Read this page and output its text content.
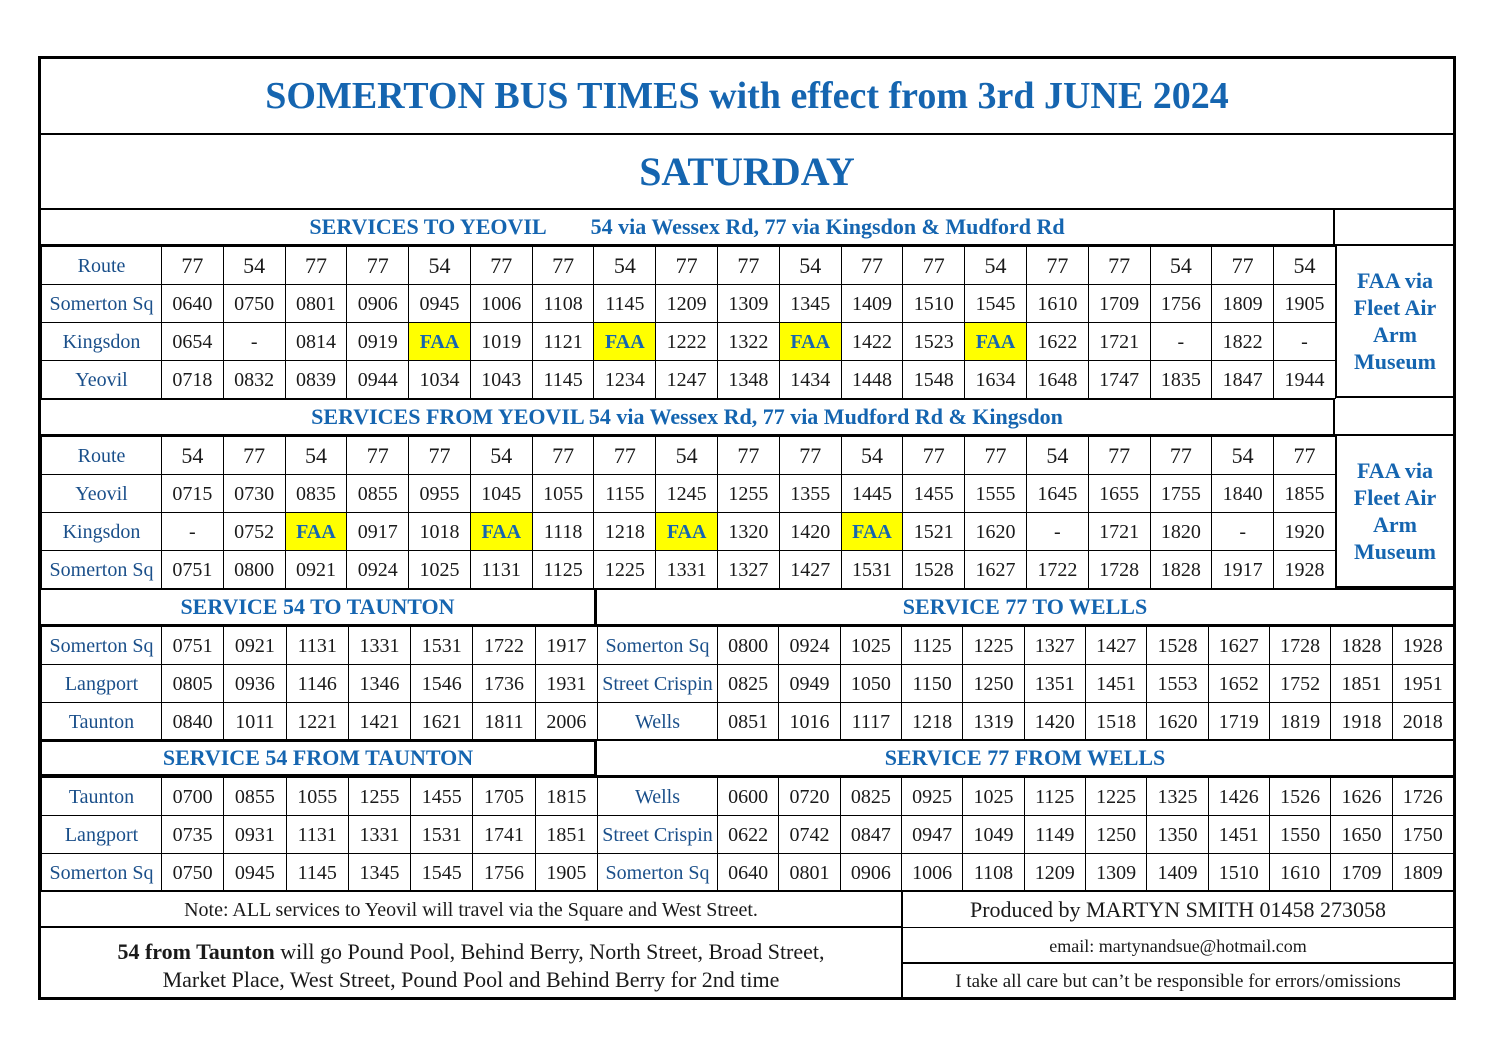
SOMERTON BUS TIMES with effect from 3rd JUNE 2024
SATURDAY
SERVICES TO YEOVIL 54 via Wessex Rd, 77 via Kingsdon & Mudford Rd
Route	77	54	77	77	54	77	77	54	77	77	54	77	77	54	77	77	54	77	54
Somerton Sq	0640	0750	0801	0906	0945	1006	1108	1145	1209	1309	1345	1409	1510	1545	1610	1709	1756	1809	1905
Kingsdon	0654	-	0814	0919	FAA	1019	1121	FAA	1222	1322	FAA	1422	1523	FAA	1622	1721	-	1822	-
Yeovil	0718	0832	0839	0944	1034	1043	1145	1234	1247	1348	1434	1448	1548	1634	1648	1747	1835	1847	1944
FAA via
Fleet Air
Arm
Museum
SERVICES FROM YEOVIL 54 via Wessex Rd, 77 via Mudford Rd & Kingsdon
Route	54	77	54	77	77	54	77	77	54	77	77	54	77	77	54	77	77	54	77
Yeovil	0715	0730	0835	0855	0955	1045	1055	1155	1245	1255	1355	1445	1455	1555	1645	1655	1755	1840	1855
Kingsdon	-	0752	FAA	0917	1018	FAA	1118	1218	FAA	1320	1420	FAA	1521	1620	-	1721	1820	-	1920
Somerton Sq	0751	0800	0921	0924	1025	1131	1125	1225	1331	1327	1427	1531	1528	1627	1722	1728	1828	1917	1928
FAA via
Fleet Air
Arm
Museum
SERVICE 54 TO TAUNTON	SERVICE 77 TO WELLS
Somerton Sq	0751	0921	1131	1331	1531	1722	1917
Langport	0805	0936	1146	1346	1546	1736	1931
Taunton	0840	1011	1221	1421	1621	1811	2006
Somerton Sq	0800	0924	1025	1125	1225	1327	1427	1528	1627	1728	1828	1928
Street Crispin	0825	0949	1050	1150	1250	1351	1451	1553	1652	1752	1851	1951
Wells	0851	1016	1117	1218	1319	1420	1518	1620	1719	1819	1918	2018
SERVICE 54 FROM TAUNTON	SERVICE 77 FROM WELLS
Taunton	0700	0855	1055	1255	1455	1705	1815
Langport	0735	0931	1131	1331	1531	1741	1851
Somerton Sq	0750	0945	1145	1345	1545	1756	1905
Wells	0600	0720	0825	0925	1025	1125	1225	1325	1426	1526	1626	1726
Street Crispin	0622	0742	0847	0947	1049	1149	1250	1350	1451	1550	1650	1750
Somerton Sq	0640	0801	0906	1006	1108	1209	1309	1409	1510	1610	1709	1809
Note: ALL services to Yeovil will travel via the Square and West Street.
54 from Taunton will go Pound Pool, Behind Berry, North Street, Broad Street,
Market Place, West Street, Pound Pool and Behind Berry for 2nd time
Produced by MARTYN SMITH 01458 273058
email: martynandsue@hotmail.com
I take all care but can’t be responsible for errors/omissions
